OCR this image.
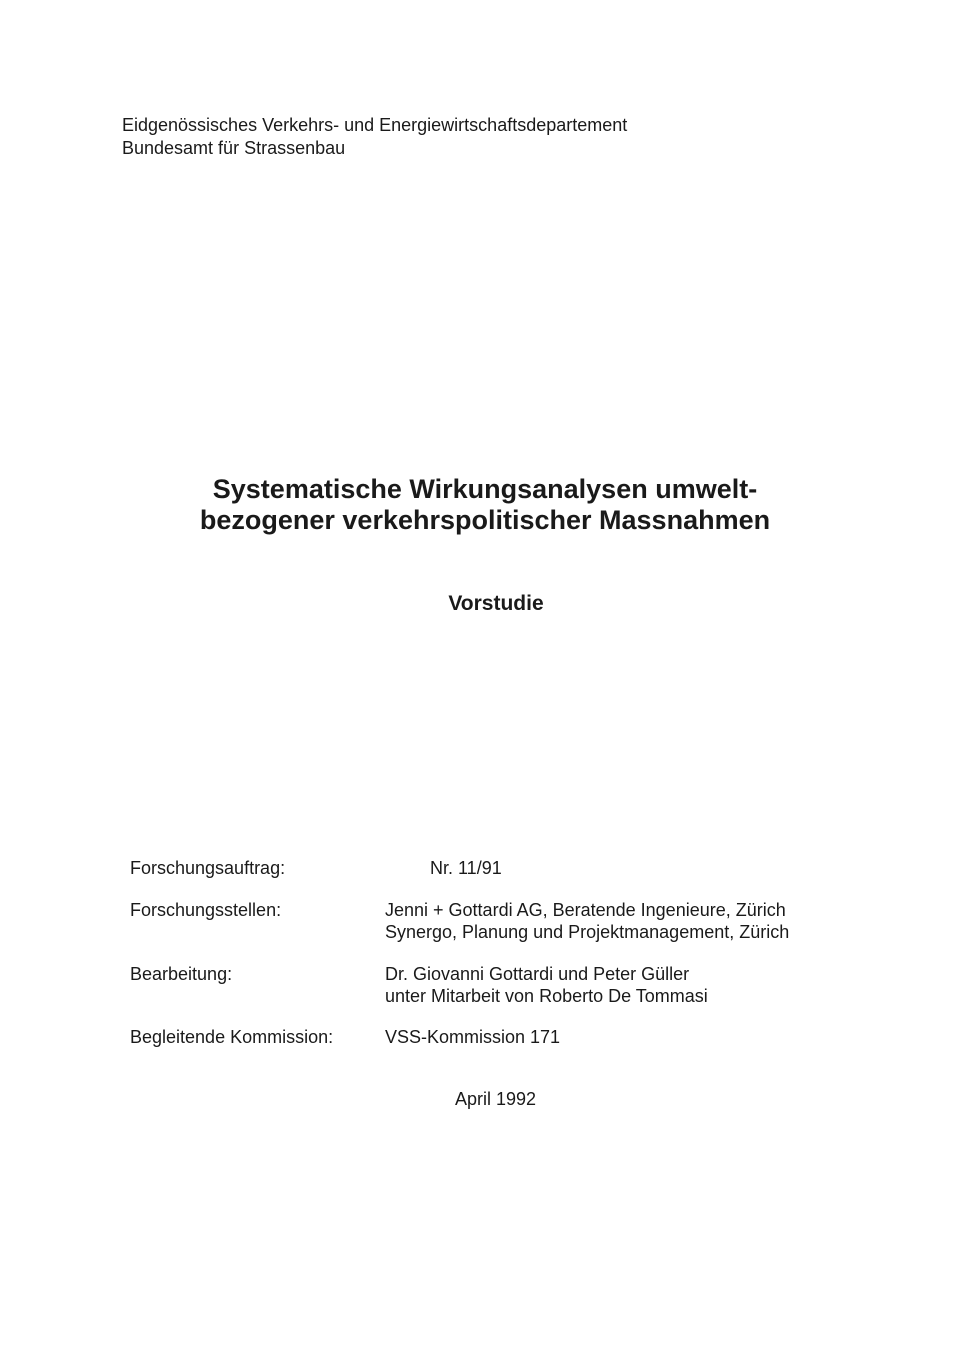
Eidgenössisches Verkehrs- und Energiewirtschaftsdepartement
Bundesamt für Strassenbau
Systematische Wirkungsanalysen umwelt-
bezogener verkehrspolitischer Massnahmen
Vorstudie
Forschungsauftrag:	Nr. 11/91
Forschungsstellen:	Jenni + Gottardi AG, Beratende Ingenieure, Zürich
Synergo, Planung und Projektmanagement, Zürich
Bearbeitung:	Dr. Giovanni Gottardi und Peter Güller
unter Mitarbeit von Roberto De Tommasi
Begleitende Kommission:	VSS-Kommission 171
April 1992
